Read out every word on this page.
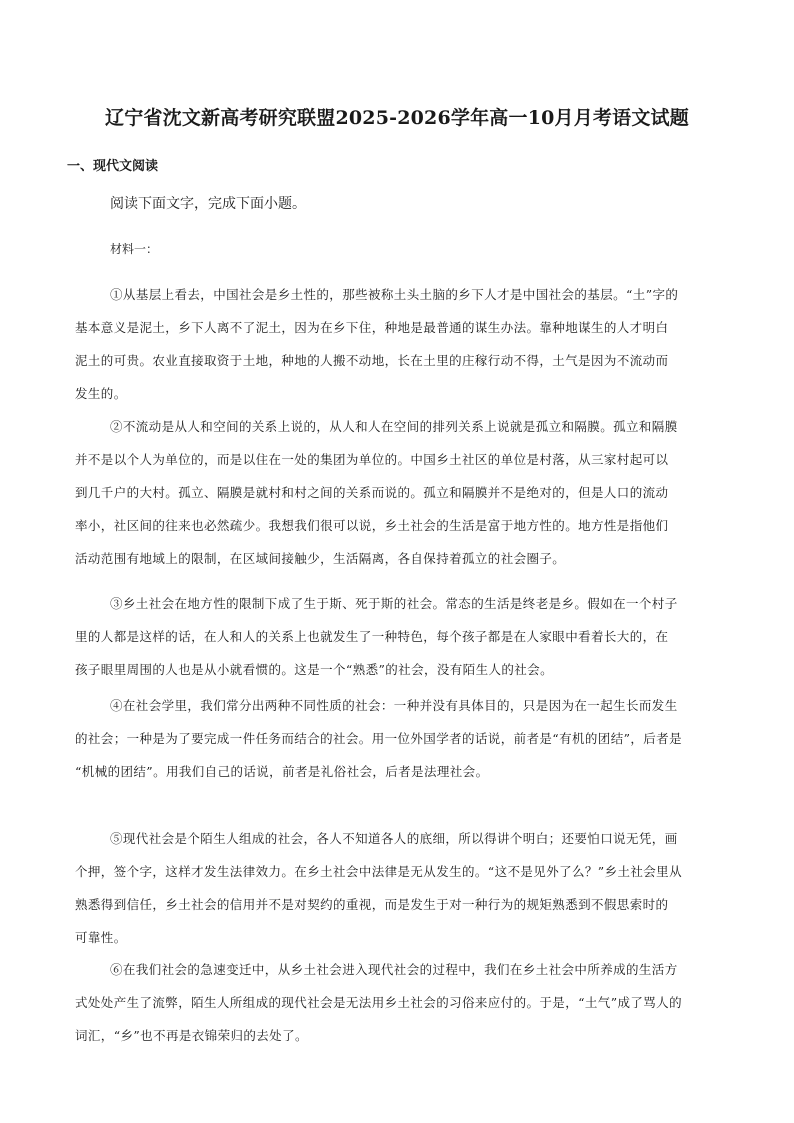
辽宁省沈文新高考研究联盟2025-2026学年高一10月月考语文试题
一、现代文阅读

阅读下面文字，完成下面小题。

材料一：

①从基层上看去，中国社会是乡土性的，那些被称土头土脑的乡下人才是中国社会的基层。“土”字的
基本意义是泥土，乡下人离不了泥土，因为在乡下住，种地是最普通的谋生办法。靠种地谋生的人才明白
泥土的可贵。农业直接取资于土地，种地的人搬不动地，长在土里的庄稼行动不得，土气是因为不流动而
发生的。
②不流动是从人和空间的关系上说的，从人和人在空间的排列关系上说就是孤立和隔膜。孤立和隔膜
并不是以个人为单位的，而是以住在一处的集团为单位的。中国乡土社区的单位是村落，从三家村起可以
到几千户的大村。孤立、隔膜是就村和村之间的关系而说的。孤立和隔膜并不是绝对的，但是人口的流动
率小，社区间的往来也必然疏少。我想我们很可以说，乡土社会的生活是富于地方性的。地方性是指他们
活动范围有地域上的限制，在区域间接触少，生活隔离，各自保持着孤立的社会圈子。
③乡土社会在地方性的限制下成了生于斯、死于斯的社会。常态的生活是终老是乡。假如在一个村子
里的人都是这样的话，在人和人的关系上也就发生了一种特色，每个孩子都是在人家眼中看着长大的，在
孩子眼里周围的人也是从小就看惯的。这是一个“熟悉”的社会，没有陌生人的社会。
④在社会学里，我们常分出两种不同性质的社会：一种并没有具体目的，只是因为在一起生长而发生
的社会；一种是为了要完成一件任务而结合的社会。用一位外国学者的话说，前者是“有机的团结”，后者是
“机械的团结”。用我们自己的话说，前者是礼俗社会，后者是法理社会。
⑤现代社会是个陌生人组成的社会，各人不知道各人的底细，所以得讲个明白；还要怕口说无凭，画
个押，签个字，这样才发生法律效力。在乡土社会中法律是无从发生的。“这不是见外了么？”乡土社会里从
熟悉得到信任，乡土社会的信用并不是对契约的重视，而是发生于对一种行为的规矩熟悉到不假思索时的
可靠性。
⑥在我们社会的急速变迁中，从乡土社会进入现代社会的过程中，我们在乡土社会中所养成的生活方
式处处产生了流弊，陌生人所组成的现代社会是无法用乡土社会的习俗来应付的。于是，“土气”成了骂人的
词汇，“乡”也不再是衣锦荣归的去处了。
